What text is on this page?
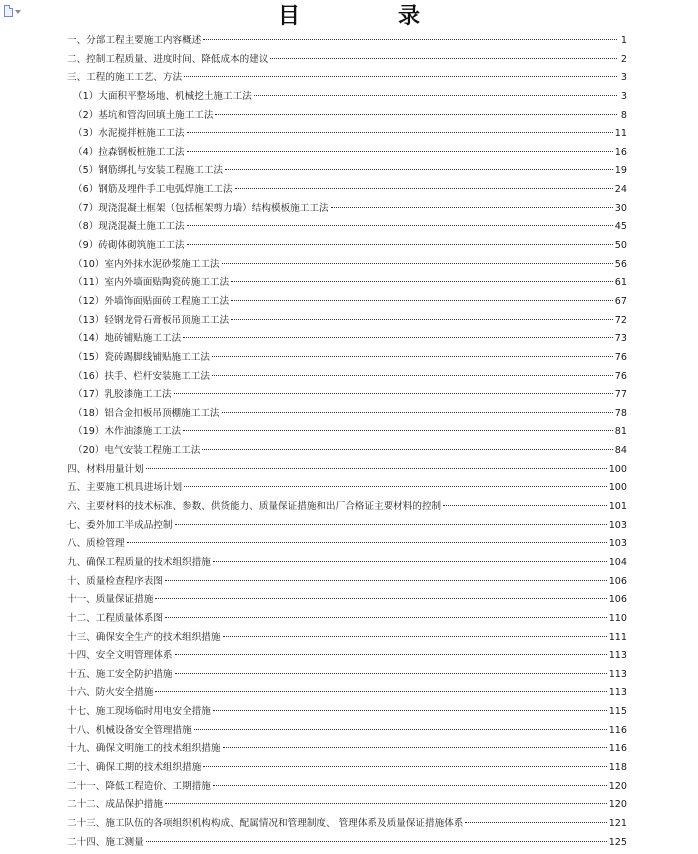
目　录
一、分部工程主要施工内容概述	1
二、控制工程质量、进度时间、降低成本的建议	2
三、工程的施工工艺、方法	3
（1）大面积平整场地、机械挖土施工工法	3
（2）基坑和管沟回填土施工工法	8
（3）水泥搅拌桩施工工法	11
（4）拉森钢板桩施工工法	16
（5）钢筋绑扎与安装工程施工工法	19
（6）钢筋及埋件手工电弧焊施工工法	24
（7）现浇混凝土框架（包括框架剪力墙）结构模板施工工法	30
（8）现浇混凝土施工工法	45
（9）砖砌体砌筑施工工法	50
（10）室内外抹水泥砂浆施工工法	56
（11）室内外墙面贴陶瓷砖施工工法	61
（12）外墙饰面贴面砖工程施工工法	67
（13）轻钢龙骨石膏板吊顶施工工法	72
（14）地砖铺贴施工工法	73
（15）瓷砖踢脚线铺贴施工工法	76
（16）扶手、栏杆安装施工工法	76
（17）乳胶漆施工工法	77
（18）铝合金扣板吊顶棚施工工法	78
（19）木作油漆施工工法	81
（20）电气安装工程施工工法	84
四、材料用量计划	100
五、主要施工机具进场计划	100
六、主要材料的技术标准、参数、供货能力、质量保证措施和出厂合格证主要材料的控制	101
七、委外加工半成品控制	103
八、质检管理	103
九、确保工程质量的技术组织措施	104
十、质量检查程序表图	106
十一、质量保证措施	106
十二、工程质量体系图	110
十三、确保安全生产的技术组织措施	111
十四、安全文明管理体系	113
十五、施工安全防护措施	113
十六、防火安全措施	113
十七、施工现场临时用电安全措施	115
十八、机械设备安全管理措施	116
十九、确保文明施工的技术组织措施	116
二十、确保工期的技术组织措施	118
二十一、降低工程造价、工期措施	120
二十二、成品保护措施	120
二十三、施工队伍的各项组织机构构成、配属情况和管理制度、 管理体系及质量保证措施体系	121
二十四、施工测量	125
